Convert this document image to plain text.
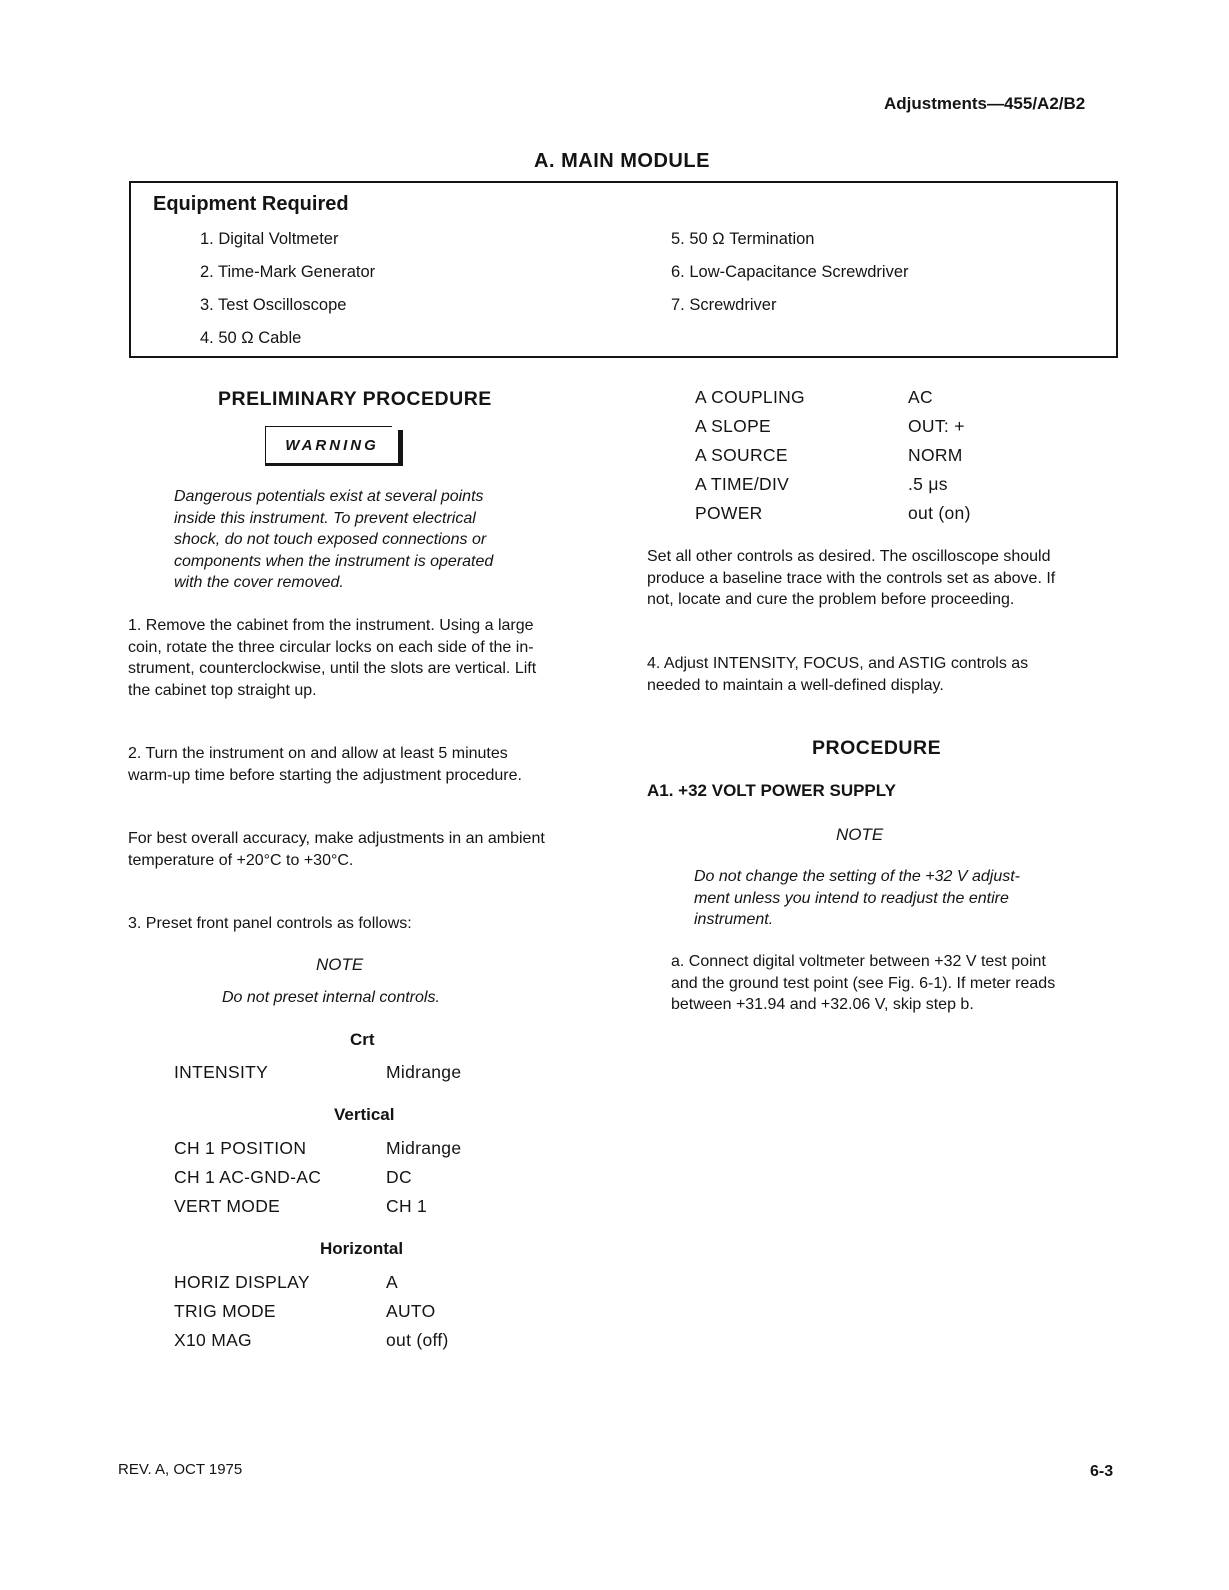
Adjustments—455/A2/B2
A. MAIN MODULE
Equipment Required
1. Digital Voltmeter
2. Time-Mark Generator
3. Test Oscilloscope
4. 50 Ω Cable
5. 50 Ω Termination
6. Low-Capacitance Screwdriver
7. Screwdriver
PRELIMINARY PROCEDURE
WARNING
Dangerous potentials exist at several points
inside this instrument. To prevent electrical
shock, do not touch exposed connections or
components when the instrument is operated
with the cover removed.
1. Remove the cabinet from the instrument. Using a large
coin, rotate the three circular locks on each side of the in-
strument, counterclockwise, until the slots are vertical. Lift
the cabinet top straight up.
2. Turn the instrument on and allow at least 5 minutes
warm-up time before starting the adjustment procedure.
For best overall accuracy, make adjustments in an ambient
temperature of +20°C to +30°C.
3. Preset front panel controls as follows:
NOTE
Do not preset internal controls.
Crt
INTENSITY	Midrange
Vertical
CH 1 POSITION	Midrange
CH 1 AC-GND-AC	DC
VERT MODE	CH 1
Horizontal
HORIZ DISPLAY	A
TRIG MODE	AUTO
X10 MAG	out (off)
A COUPLING	AC
A SLOPE	OUT: +
A SOURCE	NORM
A TIME/DIV	.5 μs
POWER	out (on)
Set all other controls as desired. The oscilloscope should
produce a baseline trace with the controls set as above. If
not, locate and cure the problem before proceeding.
4. Adjust INTENSITY, FOCUS, and ASTIG controls as
needed to maintain a well-defined display.
PROCEDURE
A1. +32 VOLT POWER SUPPLY
NOTE
Do not change the setting of the +32 V adjust-
ment unless you intend to readjust the entire
instrument.
a. Connect digital voltmeter between +32 V test point
and the ground test point (see Fig. 6-1). If meter reads
between +31.94 and +32.06 V, skip step b.
REV. A, OCT 1975	6-3
